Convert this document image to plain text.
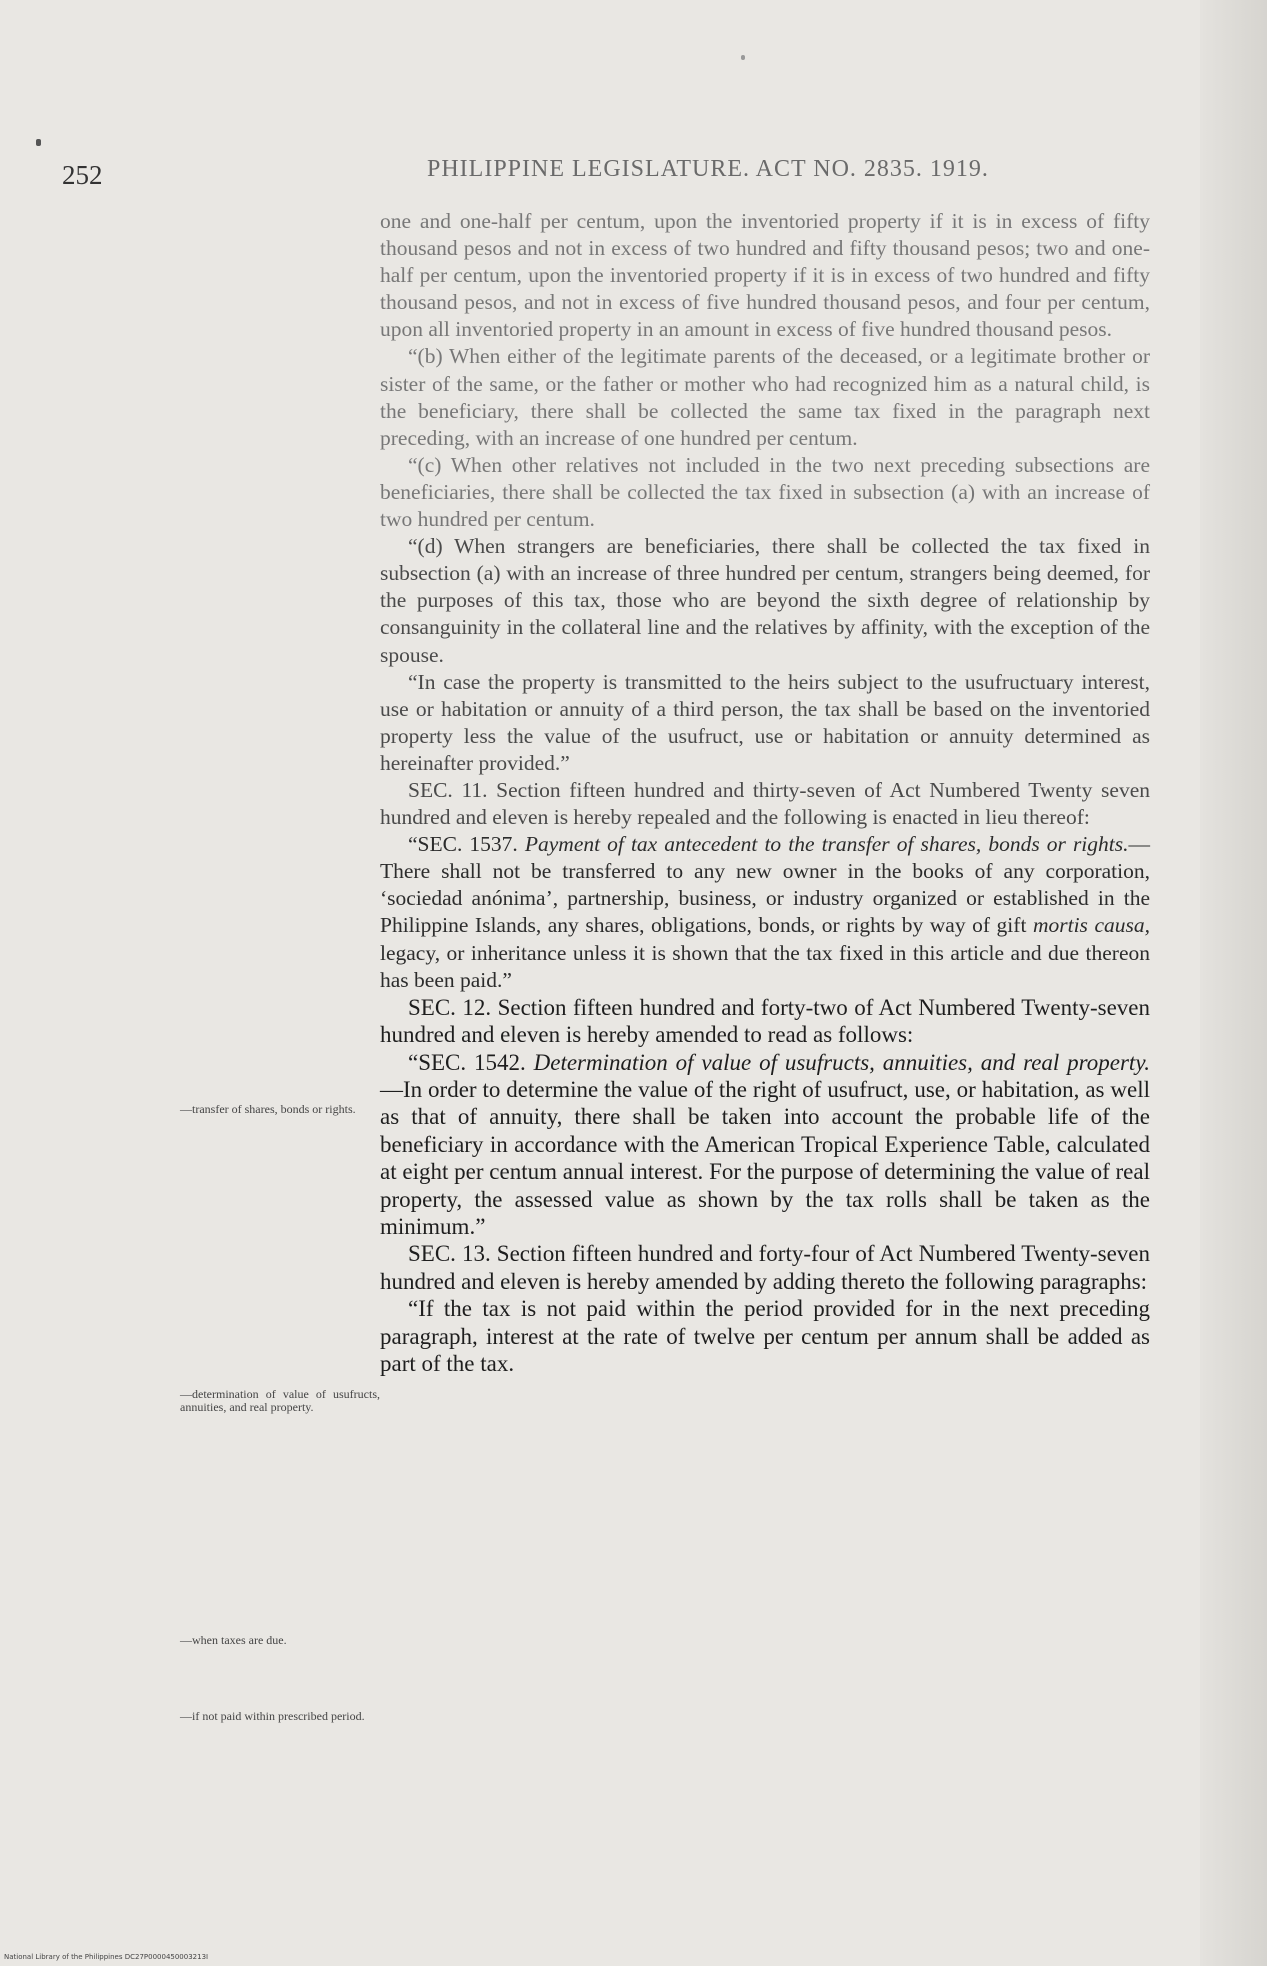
252	PHILIPPINE LEGISLATURE. ACT NO. 2835. 1919.

one and one-half per centum, upon the inventoried property if it is in excess of fifty thousand pesos and not in excess of two hundred and fifty thousand pesos; two and one-half per centum, upon the inventoried property if it is in excess of two hundred and fifty thousand pesos, and not in excess of five hundred thousand pesos, and four per centum, upon all inventoried property in an amount in excess of five hundred thousand pesos.

“(b) When either of the legitimate parents of the deceased, or a legitimate brother or sister of the same, or the father or mother who had recognized him as a natural child, is the beneficiary, there shall be collected the same tax fixed in the paragraph next preceding, with an increase of one hundred per centum.

“(c) When other relatives not included in the two next preceding subsections are beneficiaries, there shall be collected the tax fixed in subsection (a) with an increase of two hundred per centum.

“(d) When strangers are beneficiaries, there shall be collected the tax fixed in subsection (a) with an increase of three hundred per centum, strangers being deemed, for the purposes of this tax, those who are beyond the sixth degree of relationship by consanguinity in the collateral line and the relatives by affinity, with the exception of the spouse.

“In case the property is transmitted to the heirs subject to the usufructuary interest, use or habitation or annuity of a third person, the tax shall be based on the inventoried property less the value of the usufruct, use or habitation or annuity determined as hereinafter provided.”

SEC. 11. Section fifteen hundred and thirty-seven of Act Numbered Twenty seven hundred and eleven is hereby repealed and the following is enacted in lieu thereof:

“SEC. 1537. Payment of tax antecedent to the transfer of shares, bonds or rights.—There shall not be transferred to any new owner in the books of any corporation, ‘sociedad anónima’, partnership, business, or industry organized or established in the Philippine Islands, any shares, obligations, bonds, or rights by way of gift mortis causa, legacy, or inheritance unless it is shown that the tax fixed in this article and due thereon has been paid.”

SEC. 12. Section fifteen hundred and forty-two of Act Numbered Twenty-seven hundred and eleven is hereby amended to read as follows:

“SEC. 1542. Determination of value of usufructs, annuities, and real property.—In order to determine the value of the right of usufruct, use, or habitation, as well as that of annuity, there shall be taken into account the probable life of the beneficiary in accordance with the American Tropical Experience Table, calculated at eight per centum annual interest. For the purpose of determining the value of real property, the assessed value as shown by the tax rolls shall be taken as the minimum.”

SEC. 13. Section fifteen hundred and forty-four of Act Numbered Twenty-seven hundred and eleven is hereby amended by adding thereto the following paragraphs:

“If the tax is not paid within the period provided for in the next preceding paragraph, interest at the rate of twelve per centum per annum shall be added as part of the tax.

—transfer of shares, bonds or rights.
—determination of value of usufructs, annuities, and real property.
—when taxes are due.
—if not paid within prescribed period.
National Library of the Philippines DC27P0000450003213I
